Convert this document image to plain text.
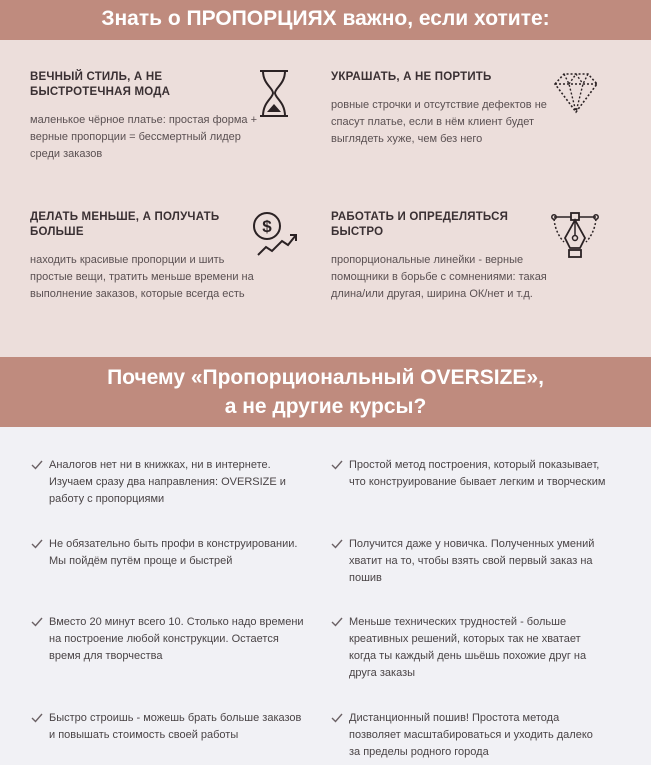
Знать о ПРОПОРЦИЯХ важно, если хотите:
ВЕЧНЫЙ СТИЛЬ, А НЕ БЫСТРОТЕЧНАЯ МОДА

маленькое чёрное платье: простая форма + верные пропорции = бессмертный лидер среди заказов

УКРАШАТЬ, А НЕ ПОРТИТЬ

ровные строчки и отсутствие дефектов не спасут платье, если в нём клиент будет выглядеть хуже, чем без него

ДЕЛАТЬ МЕНЬШЕ, А ПОЛУЧАТЬ БОЛЬШЕ

находить красивые пропорции и шить простые вещи, тратить меньше времени на выполнение заказов, которые всегда есть

$	РАБОТАТЬ И ОПРЕДЕЛЯТЬСЯ БЫСТРО

пропорциональные линейки - верные помощники в борьбе с сомнениями: такая длина/или другая, ширина ОК/нет и т.д.

Почему «Пропорциональный OVERSIZE»,
а не другие курсы?
Аналогов нет ни в книжках, ни в интернете. Изучаем сразу два направления: OVERSIZE и работу с пропорциями
Простой метод построения, который показывает, что конструирование бывает легким и творческим
Не обязательно быть профи в конструировании. Мы пойдём путём проще и быстрей
Получится даже у новичка. Полученных умений хватит на то, чтобы взять свой первый заказ на пошив
Вместо 20 минут всего 10. Столько надо времени на построение любой конструкции. Остается время для творчества
Меньше технических трудностей - больше креативных решений, которых так не хватает когда ты каждый день шьёшь похожие друг на друга заказы
Быстро строишь - можешь брать больше заказов и повышать стоимость своей работы
Дистанционный пошив! Простота метода позволяет масштабироваться и уходить далеко за пределы родного города
